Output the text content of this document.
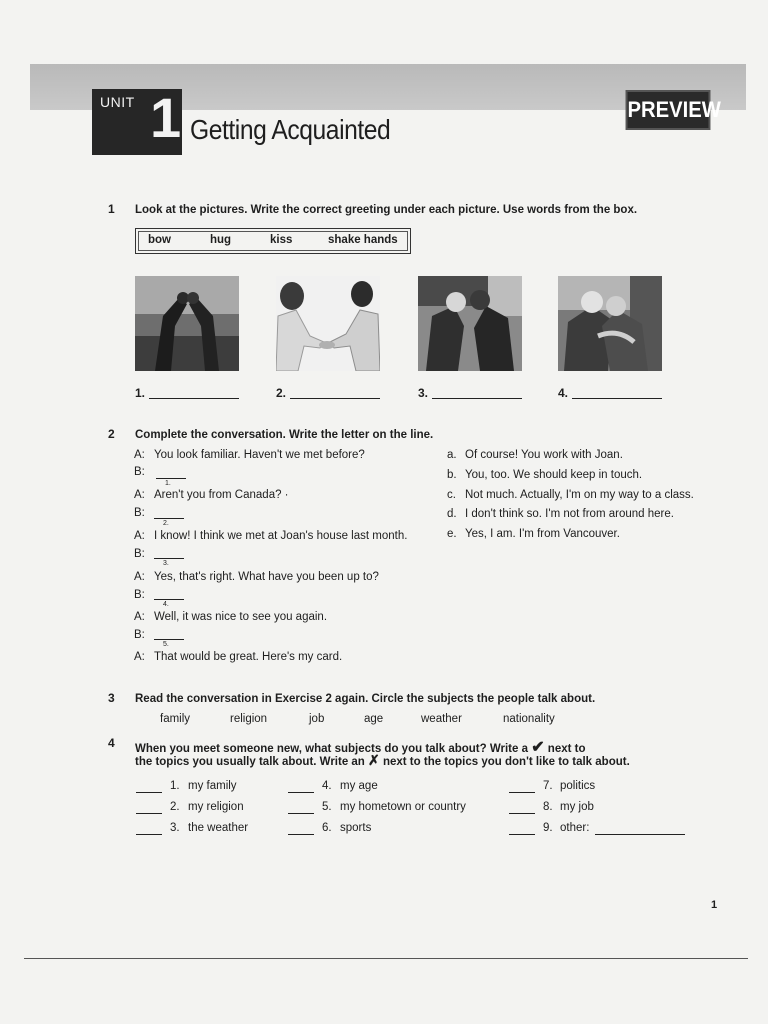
UNIT 1 Getting Acquainted
PREVIEW
1 Look at the pictures. Write the correct greeting under each picture. Use words from the box.
bow	hug	kiss	shake hands
1.	2.	3.	4.
2 Complete the conversation. Write the letter on the line.
A: You look familiar. Haven't we met before?
B:
1.
A: Aren't you from Canada? ·
B:
2.
A: I know! I think we met at Joan's house last month.
B:
3.
A: Yes, that's right. What have you been up to?
B:
4.
A: Well, it was nice to see you again.
B:
5.
A: That would be great. Here's my card.
a. Of course! You work with Joan.
b. You, too. We should keep in touch.
c. Not much. Actually, I'm on my way to a class.
d. I don't think so. I'm not from around here.
e. Yes, I am. I'm from Vancouver.
3 Read the conversation in Exercise 2 again. Circle the subjects the people talk about.
family	religion	job	age	weather	nationality
4 When you meet someone new, what subjects do you talk about? Write a ✔ next to
the topics you usually talk about. Write an ✗ next to the topics you don't like to talk about.
1. my family
2. my religion
3. the weather
4. my age
5. my hometown or country
6. sports
7. politics
8. my job
9. other:
1
